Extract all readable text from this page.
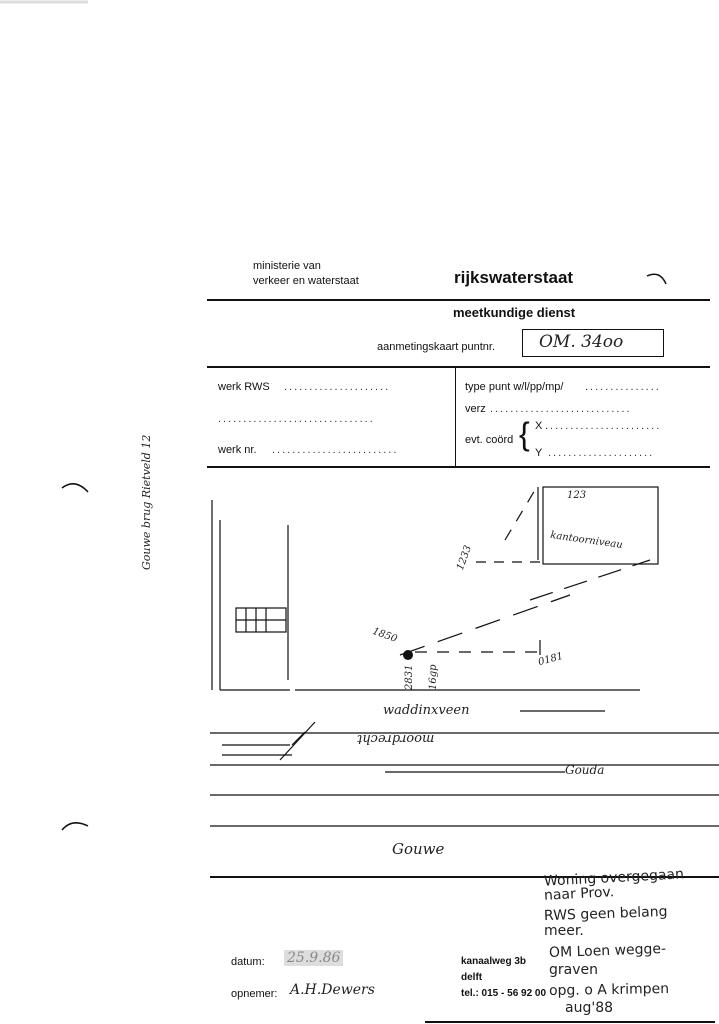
ministerie van
verkeer en waterstaat	rijkswaterstaat
meetkundige dienst
aanmetingskaart puntnr.	OM. 34oo
werk RWS .....................
...............................
werk nr. .........................
type punt w/l/pp/mp/ ...............
verz ............................
evt. coörd { X .......................
Y .....................
Gouwe brug Rietveld 12	123
1233
kantoorniveau
1850
0181
2831 16gp
waddinxveen
moordrecht
Gouda
Gouwe
datum: 25.9.86
opnemer: A.H.Dewers
kanaalweg 3b
delft
tel.: 015 - 56 92 00
Woning overgegaan
naar Prov.
RWS geen belang
meer.
OM Loen wegge-
graven
opg. o A krimpen
aug'88
